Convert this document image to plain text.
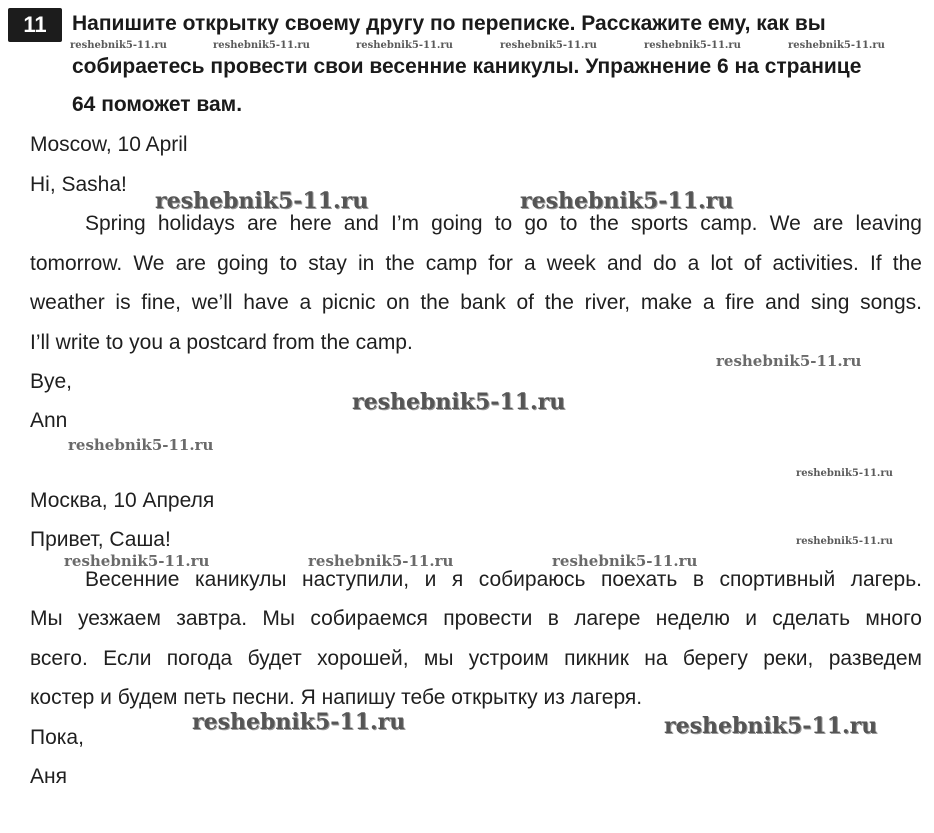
11	Напишите открытку своему другу по переписке. Расскажите ему, как вы
собираетесь провести свои весенние каникулы. Упражнение 6 на странице
64 поможет вам.
Moscow, 10 April
Hi, Sasha!
Spring holidays are here and I’m going to go to the sports camp. We are leaving
tomorrow. We are going to stay in the camp for a week and do a lot of activities. If the
weather is fine, we’ll have a picnic on the bank of the river, make a fire and sing songs.
I’ll write to you a postcard from the camp.
Bye,
Ann
Москва, 10 Апреля
Привет, Саша!
Весенние каникулы наступили, и я собираюсь поехать в спортивный лагерь.
Мы уезжаем завтра. Мы собираемся провести в лагере неделю и сделать много
всего. Если погода будет хорошей, мы устроим пикник на берегу реки, разведем
костер и будем петь песни. Я напишу тебе открытку из лагеря.
Пока,
Аня
reshebnik5-11.ru	reshebnik5-11.ru	reshebnik5-11.ru	reshebnik5-11.ru	reshebnik5-11.ru	reshebnik5-11.ru
reshebnik5-11.ru	reshebnik5-11.ru
reshebnik5-11.ru
reshebnik5-11.ru
reshebnik5-11.ru
reshebnik5-11.ru
reshebnik5-11.ru
reshebnik5-11.ru	reshebnik5-11.ru	reshebnik5-11.ru
reshebnik5-11.ru	reshebnik5-11.ru
